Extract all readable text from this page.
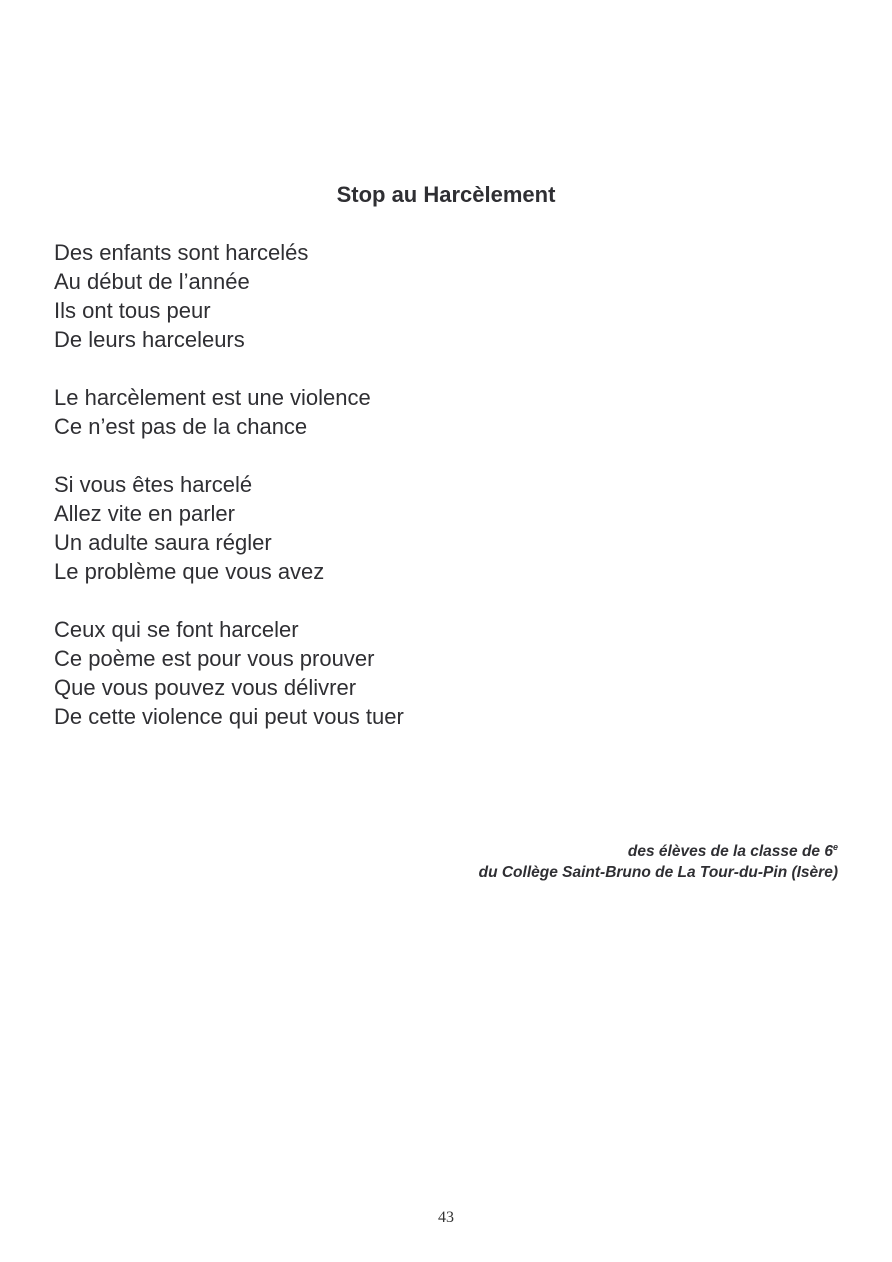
Stop au Harcèlement
Des enfants sont harcelés
Au début de l’année
Ils ont tous peur
De leurs harceleurs
Le harcèlement est une violence
Ce n’est pas de la chance
Si vous êtes harcelé
Allez vite en parler
Un adulte saura régler
Le problème que vous avez
Ceux qui se font harceler
Ce poème est pour vous prouver
Que vous pouvez vous délivrer
De cette violence qui peut vous tuer
des élèves de la classe de 6e
du Collège Saint-Bruno de La Tour-du-Pin (Isère)
43
